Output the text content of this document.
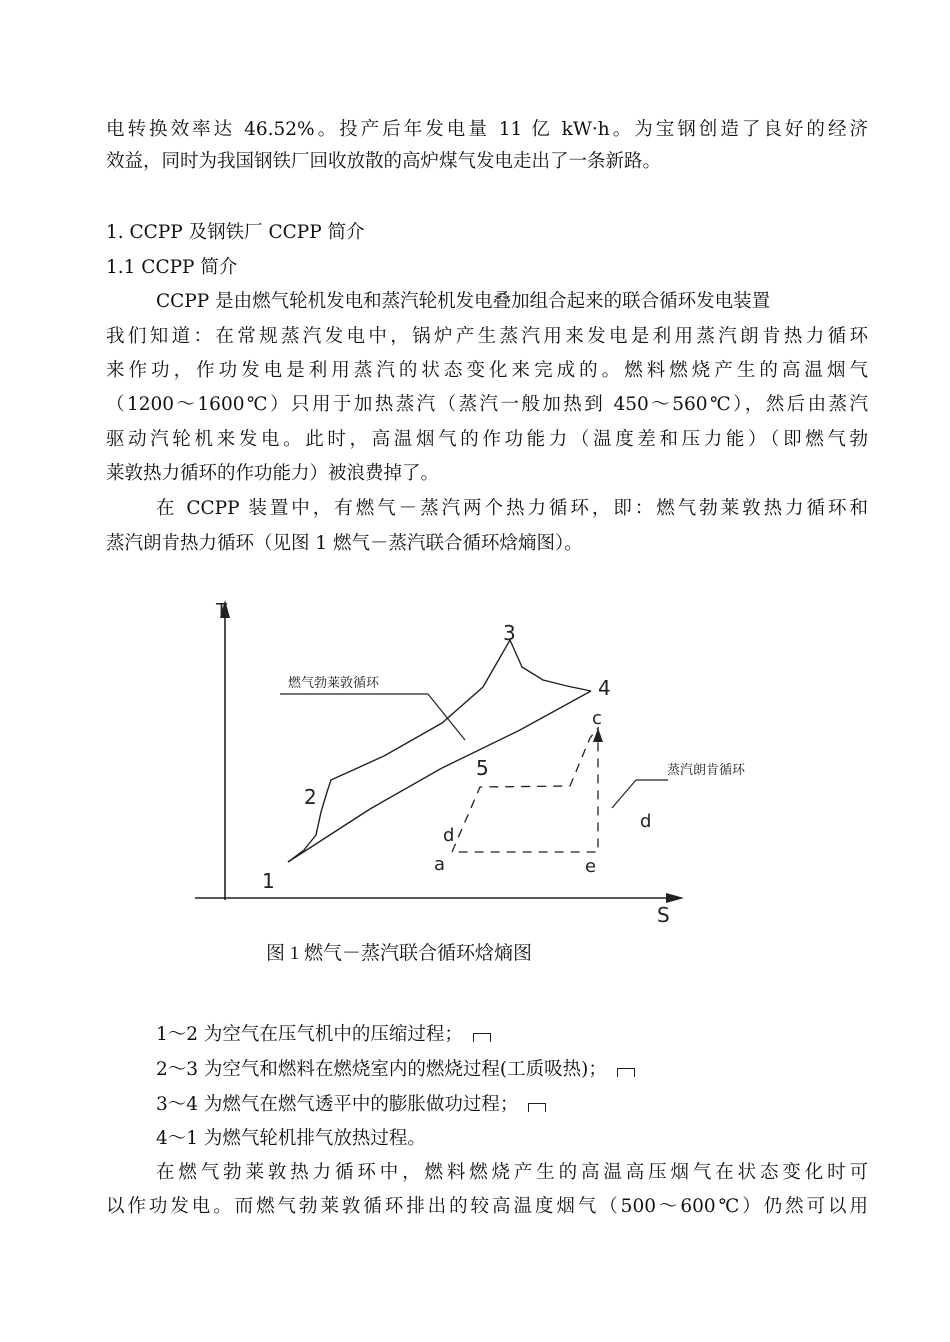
电转换效率达 46.52%。投产后年发电量 11 亿 kW·h。为宝钢创造了良好的经济
效益，同时为我国钢铁厂回收放散的高炉煤气发电走出了一条新路。
1. CCPP 及钢铁厂 CCPP 简介
1.1 CCPP 简介
CCPP 是由燃气轮机发电和蒸汽轮机发电叠加组合起来的联合循环发电装置
我们知道：在常规蒸汽发电中，锅炉产生蒸汽用来发电是利用蒸汽朗肯热力循环
来作功，作功发电是利用蒸汽的状态变化来完成的。燃料燃烧产生的高温烟气
（1200～1600℃）只用于加热蒸汽（蒸汽一般加热到 450～560℃），然后由蒸汽
驱动汽轮机来发电。此时，高温烟气的作功能力（温度差和压力能）（即燃气勃
莱敦热力循环的作功能力）被浪费掉了。
在 CCPP 装置中，有燃气－蒸汽两个热力循环，即：燃气勃莱敦热力循环和
蒸汽朗肯热力循环（见图 1 燃气－蒸汽联合循环焓熵图）。
T
S
燃气勃莱敦循环
蒸汽朗肯循环
1
2
3
4
5
a
c
d
d
e
图 1 燃气－蒸汽联合循环焓熵图
1～2 为空气在压气机中的压缩过程；
2～3 为空气和燃料在燃烧室内的燃烧过程(工质吸热)；
3～4 为燃气在燃气透平中的膨胀做功过程；
4～1 为燃气轮机排气放热过程。
在燃气勃莱敦热力循环中，燃料燃烧产生的高温高压烟气在状态变化时可
以作功发电。而燃气勃莱敦循环排出的较高温度烟气（500～600℃）仍然可以用
